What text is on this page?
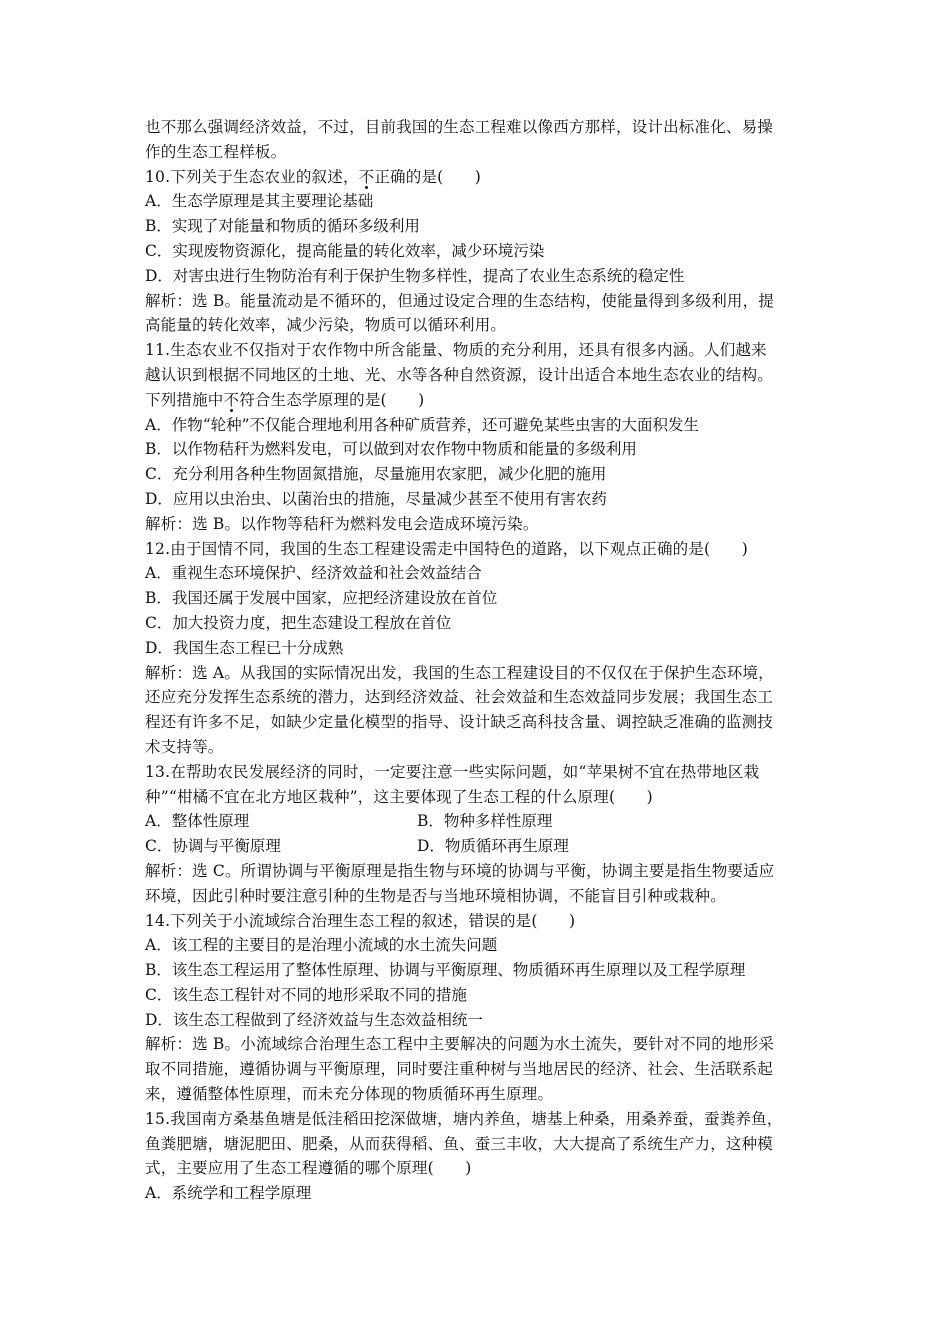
也不那么强调经济效益，不过，目前我国的生态工程难以像西方那样，设计出标准化、易操
作的生态工程样板。
10.下列关于生态农业的叙述，不正确的是(　　)
A．生态学原理是其主要理论基础
B．实现了对能量和物质的循环多级利用
C．实现废物资源化，提高能量的转化效率，减少环境污染
D．对害虫进行生物防治有利于保护生物多样性，提高了农业生态系统的稳定性
解析：选 B。能量流动是不循环的，但通过设定合理的生态结构，使能量得到多级利用，提
高能量的转化效率，减少污染，物质可以循环利用。
11.生态农业不仅指对于农作物中所含能量、物质的充分利用，还具有很多内涵。人们越来
越认识到根据不同地区的土地、光、水等各种自然资源，设计出适合本地生态农业的结构。
下列措施中不符合生态学原理的是(　　)
A．作物“轮种”不仅能合理地利用各种矿质营养，还可避免某些虫害的大面积发生
B．以作物秸秆为燃料发电，可以做到对农作物中物质和能量的多级利用
C．充分利用各种生物固氮措施，尽量施用农家肥，减少化肥的施用
D．应用以虫治虫、以菌治虫的措施，尽量减少甚至不使用有害农药
解析：选 B。以作物等秸秆为燃料发电会造成环境污染。
12.由于国情不同，我国的生态工程建设需走中国特色的道路，以下观点正确的是(　　)
A．重视生态环境保护、经济效益和社会效益结合
B．我国还属于发展中国家，应把经济建设放在首位
C．加大投资力度，把生态建设工程放在首位
D．我国生态工程已十分成熟
解析：选 A。从我国的实际情况出发，我国的生态工程建设目的不仅仅在于保护生态环境，
还应充分发挥生态系统的潜力，达到经济效益、社会效益和生态效益同步发展；我国生态工
程还有许多不足，如缺少定量化模型的指导、设计缺乏高科技含量、调控缺乏准确的监测技
术支持等。
13.在帮助农民发展经济的同时，一定要注意一些实际问题，如“苹果树不宜在热带地区栽
种”“柑橘不宜在北方地区栽种”，这主要体现了生态工程的什么原理(　　)
A．整体性原理	B．物种多样性原理
C．协调与平衡原理	D．物质循环再生原理
解析：选 C。所谓协调与平衡原理是指生物与环境的协调与平衡，协调主要是指生物要适应
环境，因此引种时要注意引种的生物是否与当地环境相协调，不能盲目引种或栽种。
14.下列关于小流域综合治理生态工程的叙述，错误的是(　　)
A．该工程的主要目的是治理小流域的水土流失问题
B．该生态工程运用了整体性原理、协调与平衡原理、物质循环再生原理以及工程学原理
C．该生态工程针对不同的地形采取不同的措施
D．该生态工程做到了经济效益与生态效益相统一
解析：选 B。小流域综合治理生态工程中主要解决的问题为水土流失，要针对不同的地形采
取不同措施，遵循协调与平衡原理，同时要注重种树与当地居民的经济、社会、生活联系起
来，遵循整体性原理，而未充分体现的物质循环再生原理。
15.我国南方桑基鱼塘是低洼稻田挖深做塘，塘内养鱼，塘基上种桑，用桑养蚕，蚕粪养鱼，
鱼粪肥塘，塘泥肥田、肥桑，从而获得稻、鱼、蚕三丰收，大大提高了系统生产力，这种模
式，主要应用了生态工程遵循的哪个原理(　　)
A．系统学和工程学原理
